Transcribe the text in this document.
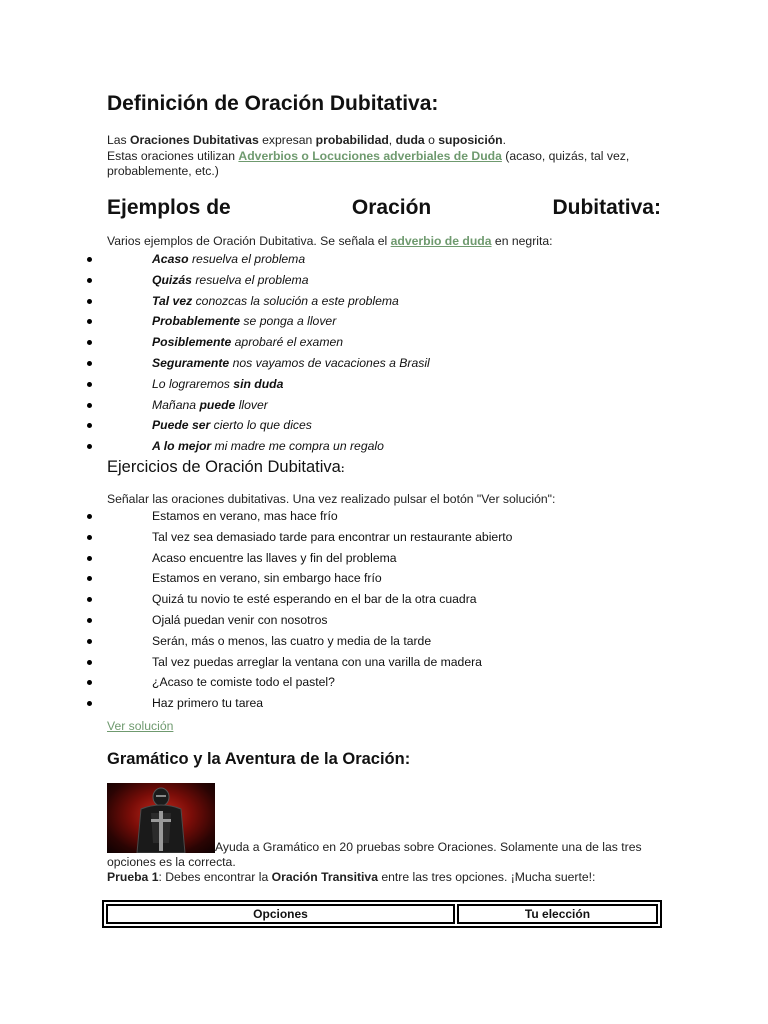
Definición de Oración Dubitativa:
Las Oraciones Dubitativas expresan probabilidad, duda o suposición.
Estas oraciones utilizan Adverbios o Locuciones adverbiales de Duda (acaso, quizás, tal vez,
probablemente, etc.)
Ejemplos de	Oración	Dubitativa:
Varios ejemplos de Oración Dubitativa. Se señala el adverbio de duda en negrita:
Acaso resuelva el problema
Quizás resuelva el problema
Tal vez conozcas la solución a este problema
Probablemente se ponga a llover
Posiblemente aprobaré el examen
Seguramente nos vayamos de vacaciones a Brasil
Lo lograremos sin duda
Mañana puede llover
Puede ser cierto lo que dices
A lo mejor mi madre me compra un regalo
Ejercicios de Oración Dubitativa:
Señalar las oraciones dubitativas. Una vez realizado pulsar el botón "Ver solución":
Estamos en verano, mas hace frío
Tal vez sea demasiado tarde para encontrar un restaurante abierto
Acaso encuentre las llaves y fin del problema
Estamos en verano, sin embargo hace frío
Quizá tu novio te esté esperando en el bar de la otra cuadra
Ojalá puedan venir con nosotros
Serán, más o menos, las cuatro y media de la tarde
Tal vez puedas arreglar la ventana con una varilla de madera
¿Acaso te comiste todo el pastel?
Haz primero tu tarea
Ver solución
Gramático y la Aventura de la Oración:
Ayuda a Gramático en 20 pruebas sobre Oraciones. Solamente una de las tres
opciones es la correcta.
Prueba 1: Debes encontrar la Oración Transitiva entre las tres opciones. ¡Mucha suerte!:
Opciones	Tu elección
